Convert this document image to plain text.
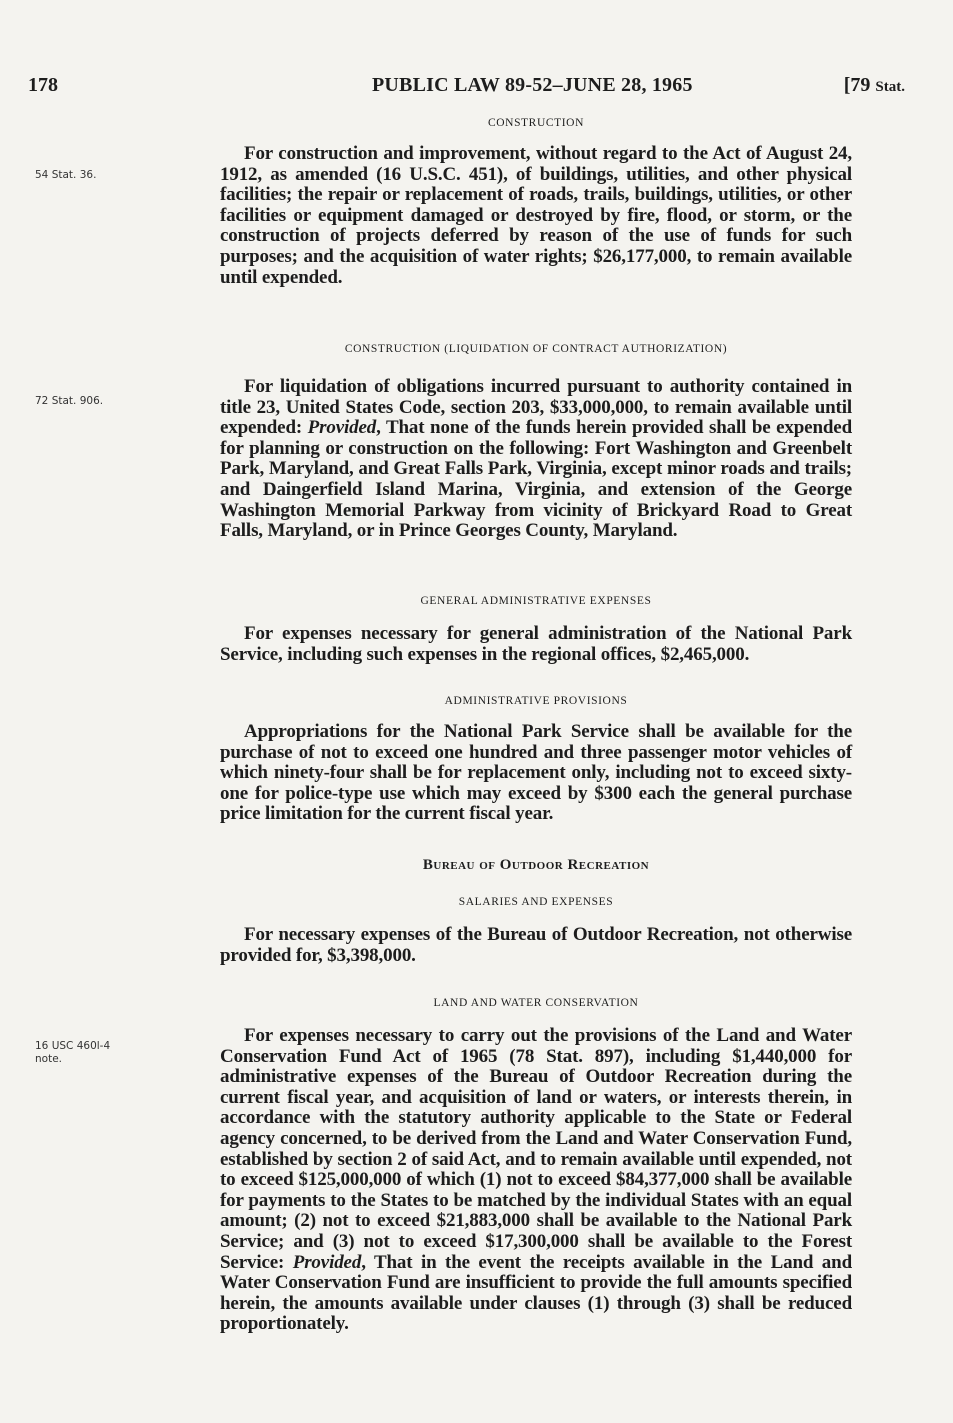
178	PUBLIC LAW 89-52–JUNE 28, 1965	[79 Stat.
54 Stat. 36.
72 Stat. 906.
16 USC 460l-4 note.

CONSTRUCTION

For construction and improvement, without regard to the Act of August 24, 1912, as amended (16 U.S.C. 451), of buildings, utilities, and other physical facilities; the repair or replacement of roads, trails, buildings, utilities, or other facilities or equipment damaged or destroyed by fire, flood, or storm, or the construction of projects deferred by reason of the use of funds for such purposes; and the acquisition of water rights; $26,177,000, to remain available until expended.

CONSTRUCTION (LIQUIDATION OF CONTRACT AUTHORIZATION)

For liquidation of obligations incurred pursuant to authority contained in title 23, United States Code, section 203, $33,000,000, to remain available until expended: Provided, That none of the funds herein provided shall be expended for planning or construction on the following: Fort Washington and Greenbelt Park, Maryland, and Great Falls Park, Virginia, except minor roads and trails; and Daingerfield Island Marina, Virginia, and extension of the George Washington Memorial Parkway from vicinity of Brickyard Road to Great Falls, Maryland, or in Prince Georges County, Maryland.

GENERAL ADMINISTRATIVE EXPENSES

For expenses necessary for general administration of the National Park Service, including such expenses in the regional offices, $2,465,000.

ADMINISTRATIVE PROVISIONS

Appropriations for the National Park Service shall be available for the purchase of not to exceed one hundred and three passenger motor vehicles of which ninety-four shall be for replacement only, including not to exceed sixty-one for police-type use which may exceed by $300 each the general purchase price limitation for the current fiscal year.

Bureau of Outdoor Recreation

SALARIES AND EXPENSES

For necessary expenses of the Bureau of Outdoor Recreation, not otherwise provided for, $3,398,000.

LAND AND WATER CONSERVATION

For expenses necessary to carry out the provisions of the Land and Water Conservation Fund Act of 1965 (78 Stat. 897), including $1,440,000 for administrative expenses of the Bureau of Outdoor Recreation during the current fiscal year, and acquisition of land or waters, or interests therein, in accordance with the statutory authority applicable to the State or Federal agency concerned, to be derived from the Land and Water Conservation Fund, established by section 2 of said Act, and to remain available until expended, not to exceed $125,000,000 of which (1) not to exceed $84,377,000 shall be available for payments to the States to be matched by the individual States with an equal amount; (2) not to exceed $21,883,000 shall be available to the National Park Service; and (3) not to exceed $17,300,000 shall be available to the Forest Service: Provided, That in the event the receipts available in the Land and Water Conservation Fund are insufficient to provide the full amounts specified herein, the amounts available under clauses (1) through (3) shall be reduced proportionately.
